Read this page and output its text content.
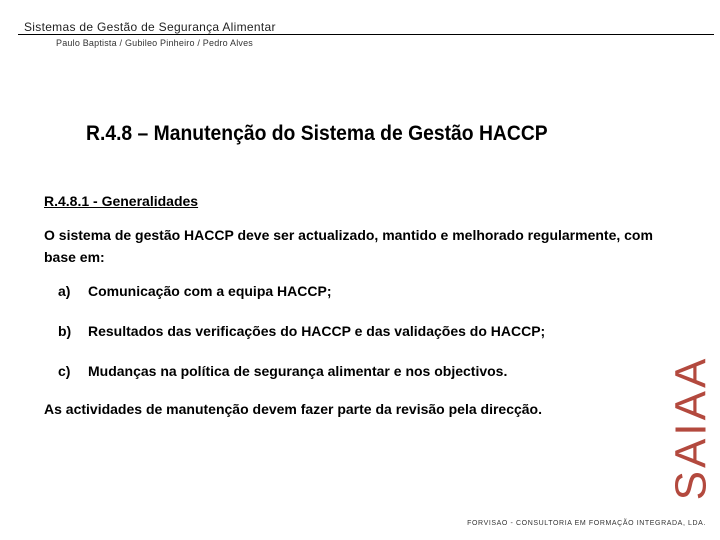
Sistemas de Gestão de Segurança Alimentar
Paulo Baptista / Gubileo Pinheiro / Pedro Alves
R.4.8 – Manutenção do Sistema de Gestão HACCP
R.4.8.1 - Generalidades
O sistema de gestão HACCP deve ser actualizado, mantido e melhorado regularmente, com base em:
a)	Comunicação com a equipa HACCP;
b)	Resultados das verificações do HACCP e das validações do HACCP;
c)	Mudanças na política de segurança alimentar e nos objectivos.
As actividades de manutenção devem fazer parte da revisão pela direcção.	SAIAA
FORVISAO - CONSULTORIA EM FORMAÇÃO INTEGRADA, LDA.
